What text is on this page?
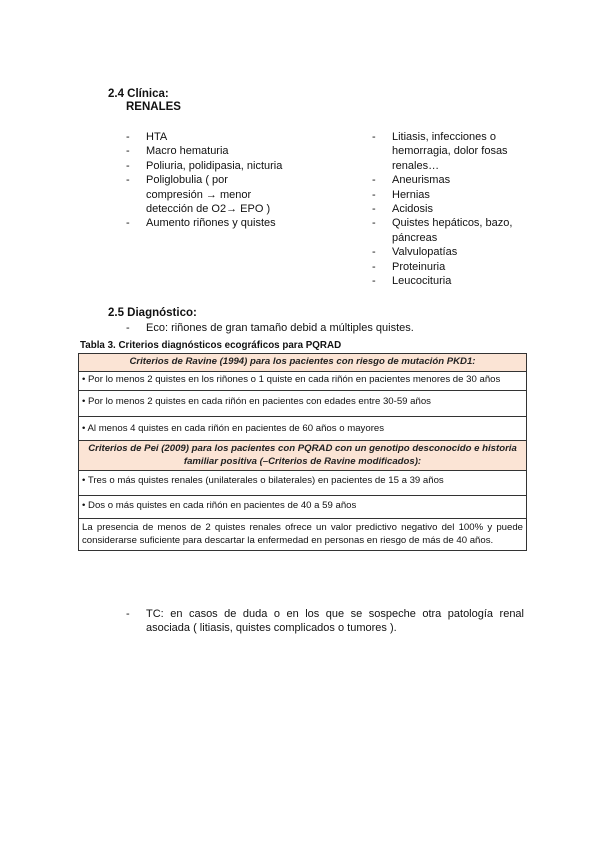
2.4 Clínica:
RENALES
- HTA
- Macro hematuria
- Poliuria, polidipasia, nicturia
- Poliglobulia ( por compresión → menor detección de O2→ EPO )
- Aumento riñones y quistes
- Litiasis, infecciones o hemorragia, dolor fosas renales…
- Aneurismas
- Hernias
- Acidosis
- Quistes hepáticos, bazo, páncreas
- Valvulopatías
- Proteinuria
- Leucocituria
2.5 Diagnóstico:
- Eco: riñones de gran tamaño debid a múltiples quistes.
Tabla 3. Criterios diagnósticos ecográficos para PQRAD
Criterios de Ravine (1994) para los pacientes con riesgo de mutación PKD1:
• Por lo menos 2 quistes en los riñones o 1 quiste en cada riñón en pacientes menores de 30 años
• Por lo menos 2 quistes en cada riñón en pacientes con edades entre 30-59 años
• Al menos 4 quistes en cada riñón en pacientes de 60 años o mayores
Criterios de Pei (2009) para los pacientes con PQRAD con un genotipo desconocido e historia familiar positiva (–Criterios de Ravine modificados):
• Tres o más quistes renales (unilaterales o bilaterales) en pacientes de 15 a 39 años
• Dos o más quistes en cada riñón en pacientes de 40 a 59 años
La presencia de menos de 2 quistes renales ofrece un valor predictivo negativo del 100% y puede considerarse suficiente para descartar la enfermedad en personas en riesgo de más de 40 años.
- TC: en casos de duda o en los que se sospeche otra patología renal asociada ( litiasis, quistes complicados o tumores ).
